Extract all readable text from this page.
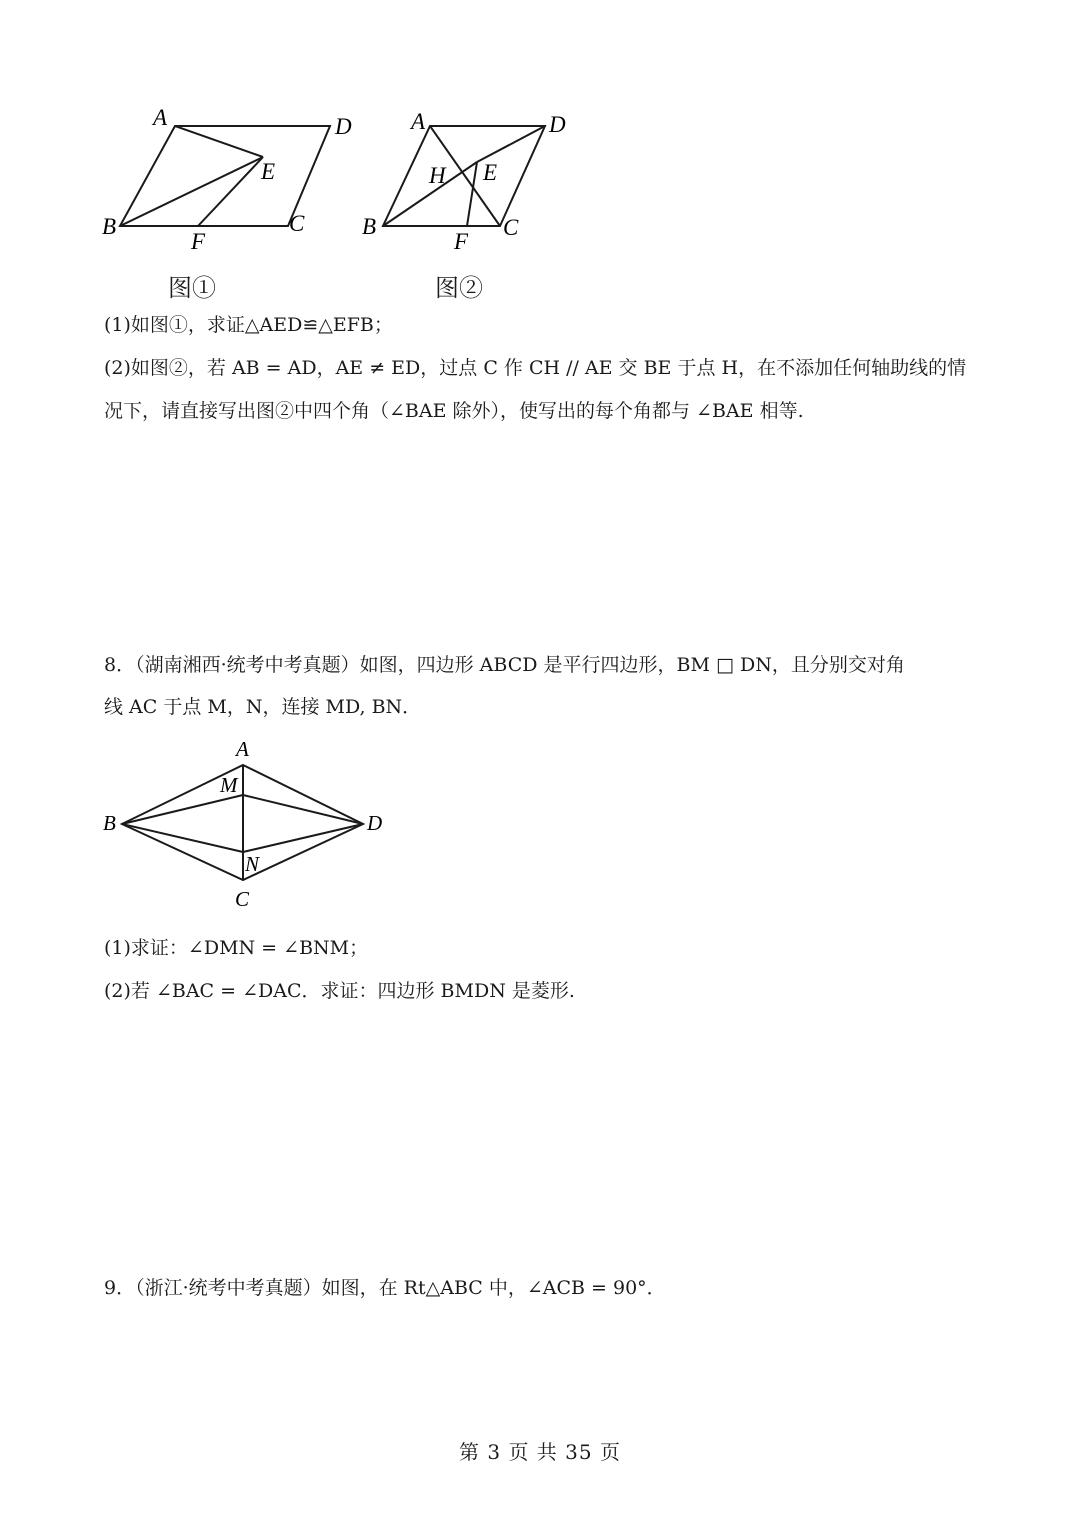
A	D
E
B
F
C
图①
A	D
H E
B
F
C
图②
(1)如图①，求证△AED≌△EFB；
(2)如图②，若 AB = AD，AE ≠ ED，过点 C 作 CH // AE 交 BE 于点 H，在不添加任何轴助线的情
况下，请直接写出图②中四个角（∠BAE 除外），使写出的每个角都与 ∠BAE 相等.
8．（湖南湘西·统考中考真题）如图，四边形 ABCD 是平行四边形，BM □ DN，且分别交对角
线 AC 于点 M，N，连接 MD, BN．
A
M
B	D
N
C
(1)求证：∠DMN = ∠BNM；
(2)若 ∠BAC = ∠DAC．求证：四边形 BMDN 是菱形.
9．（浙江·统考中考真题）如图，在 Rt△ABC 中，∠ACB = 90°．
第 3 页 共 35 页
